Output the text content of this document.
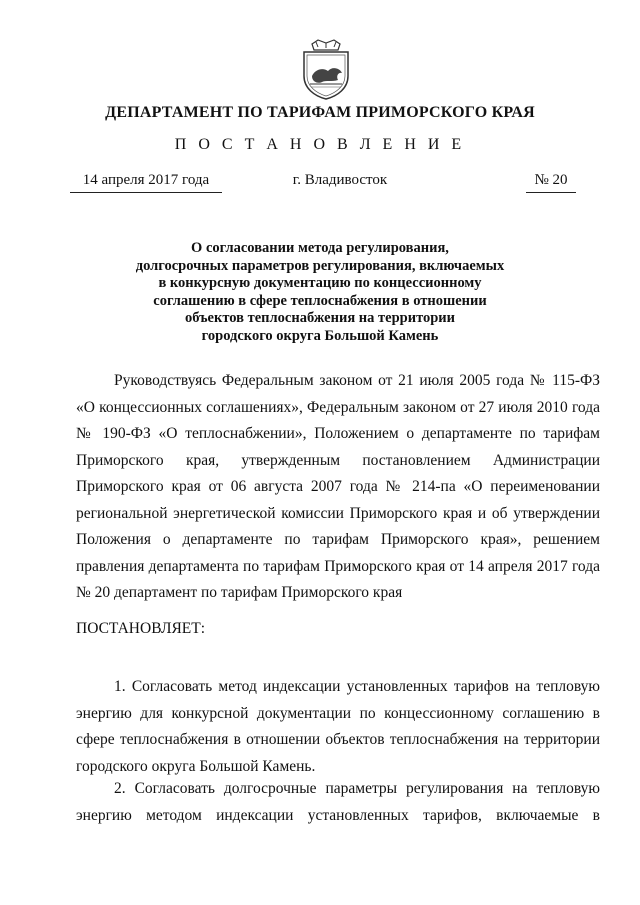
ДЕПАРТАМЕНТ ПО ТАРИФАМ ПРИМОРСКОГО КРАЯ
П О С Т А Н О В Л Е Н И Е
14 апреля 2017 года	г. Владивосток	№ 20

О согласовании метода регулирования,
долгосрочных параметров регулирования, включаемых
в конкурсную документацию по концессионному
соглашению в сфере теплоснабжения в отношении
объектов теплоснабжения на территории
городского округа Большой Камень

Руководствуясь Федеральным законом от 21 июля 2005 года № 115-ФЗ
«О концессионных соглашениях», Федеральным законом от 27 июля 2010 года
№ 190-ФЗ «О теплоснабжении», Положением о департаменте по тарифам
Приморского края, утвержденным постановлением Администрации
Приморского края от 06 августа 2007 года № 214-па «О переименовании
региональной энергетической комиссии Приморского края и об утверждении
Положения о департаменте по тарифам Приморского края», решением
правления департамента по тарифам Приморского края от 14 апреля 2017 года
№ 20 департамент по тарифам Приморского края

ПОСТАНОВЛЯЕТ:

1. Согласовать метод индексации установленных тарифов на тепловую
энергию для конкурсной документации по концессионному соглашению в
сфере теплоснабжения в отношении объектов теплоснабжения на территории
городского округа Большой Камень.

2. Согласовать долгосрочные параметры регулирования на тепловую
энергию методом индексации установленных тарифов, включаемые в
